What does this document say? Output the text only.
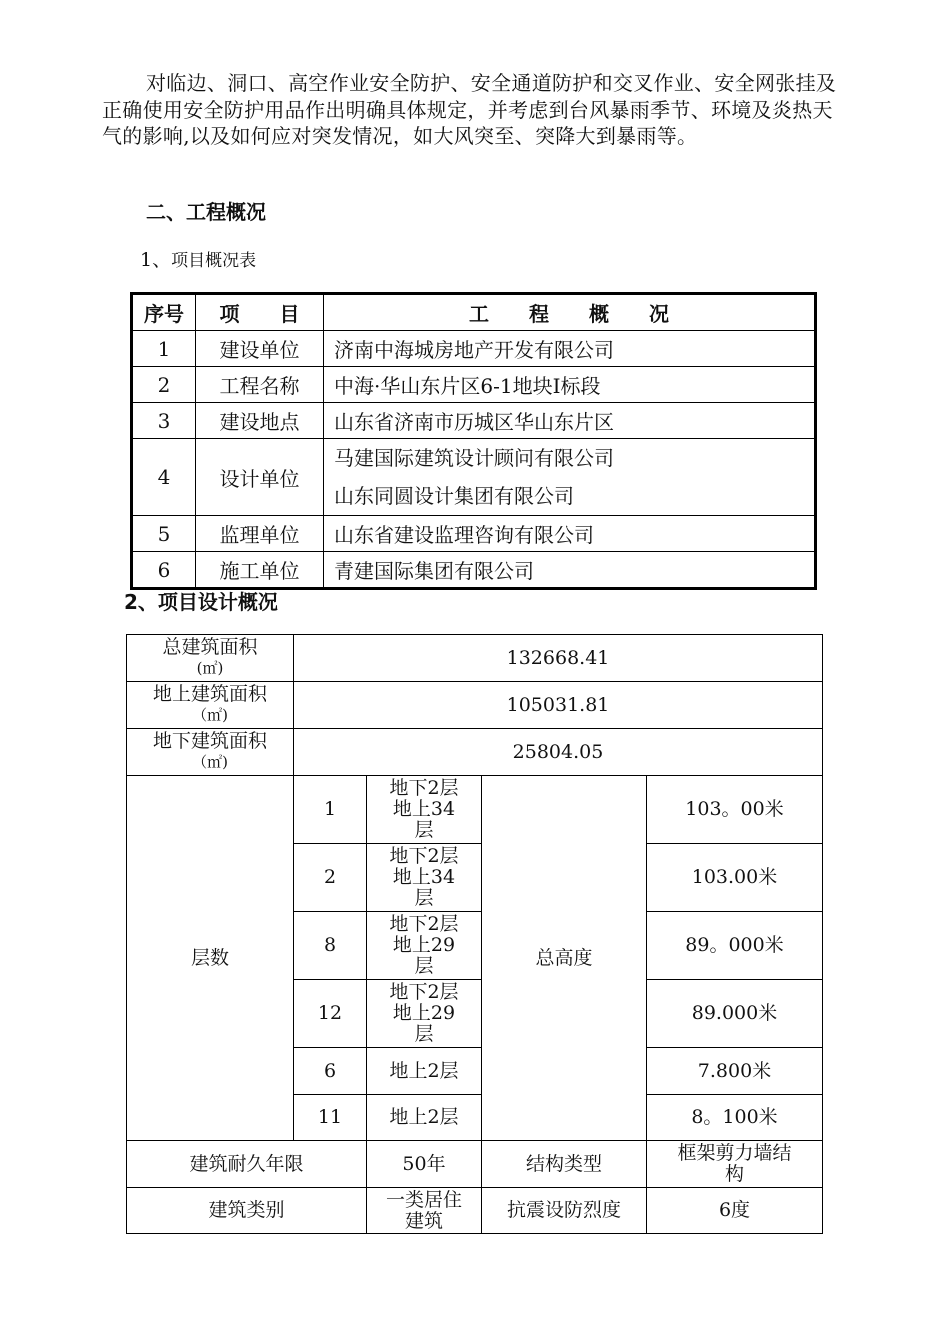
对临边、洞口、高空作业安全防护、安全通道防护和交叉作业、安全网张挂及正确使用安全防护用品作出明确具体规定，并考虑到台风暴雨季节、环境及炎热天气的影响,以及如何应对突发情况，如大风突至、突降大到暴雨等。
二、工程概况
1、项目概况表
序号	项　　目	工　　程　　概　　况
1	建设单位	济南中海城房地产开发有限公司
2	工程名称	中海·华山东片区6-1地块Ⅰ标段
3	建设地点	山东省济南市历城区华山东片区
4	设计单位	马建国际建筑设计顾问有限公司
山东同圆设计集团有限公司

5	监理单位	山东省建设监理咨询有限公司
6	施工单位	青建国际集团有限公司
2、项目设计概况
总建筑面积
(㎡)	132668.41			

地上建筑面积
（㎡)	105031.81			

地下建筑面积
（㎡)	25804.05			
层数	1	地下2层
地上34
层	总高度	103。00米
	2	地下2层
地上34
层		103.00米
	8	地下2层
地上29
层		89。000米
	12	地下2层
地上29
层		89.000米
	6	地上2层		7.800米
	11	地上2层		8。100米
建筑耐久年限		50年	结构类型	框架剪力墙结
构

建筑类别		一类居住
建筑	抗震设防烈度	6度
